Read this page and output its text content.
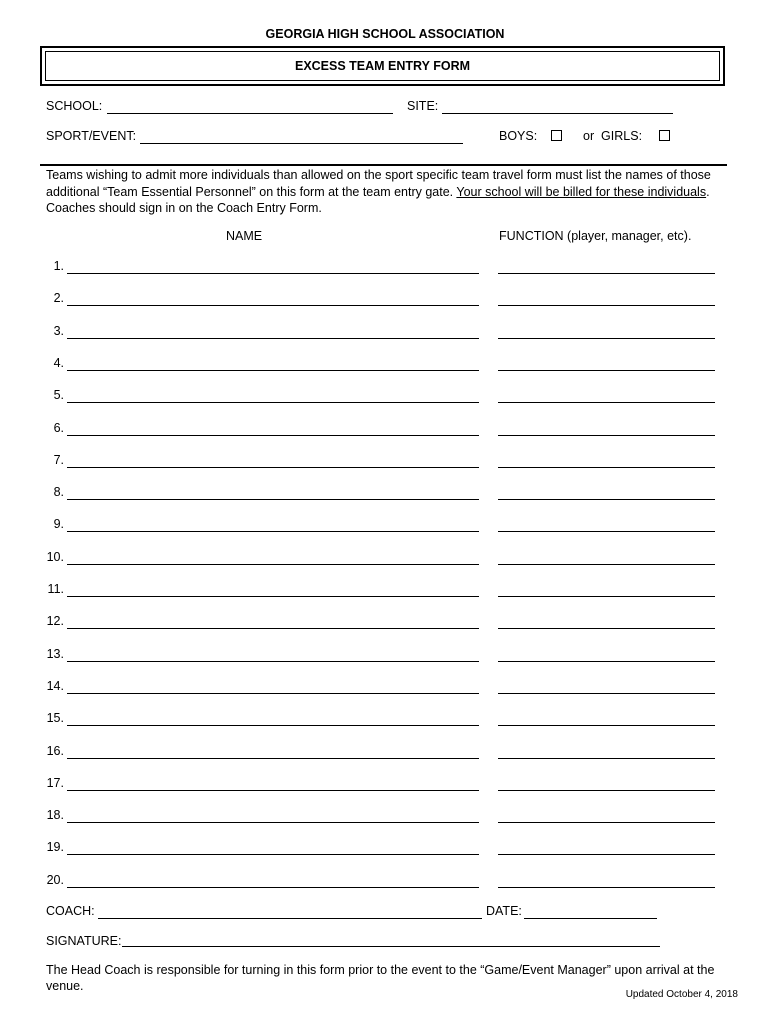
GEORGIA HIGH SCHOOL ASSOCIATION
EXCESS TEAM ENTRY FORM
SCHOOL:	SITE:
SPORT/EVENT:	BOYS:	or  GIRLS:
Teams wishing to admit more individuals than allowed on the sport specific team travel form must list the names of those additional “Team Essential Personnel” on this form at the team entry gate. Your school will be billed for these individuals.
Coaches should sign in on the Coach Entry Form.
NAME	FUNCTION (player, manager, etc).
1.
2.
3.
4.
5.
6.
7.
8.
9.
10.
11.
12.
13.
14.
15.
16.
17.
18.
19.
20.
COACH:	DATE:
SIGNATURE:
The Head Coach is responsible for turning in this form prior to the event to the “Game/Event Manager” upon arrival at the venue.
Updated October 4, 2018
